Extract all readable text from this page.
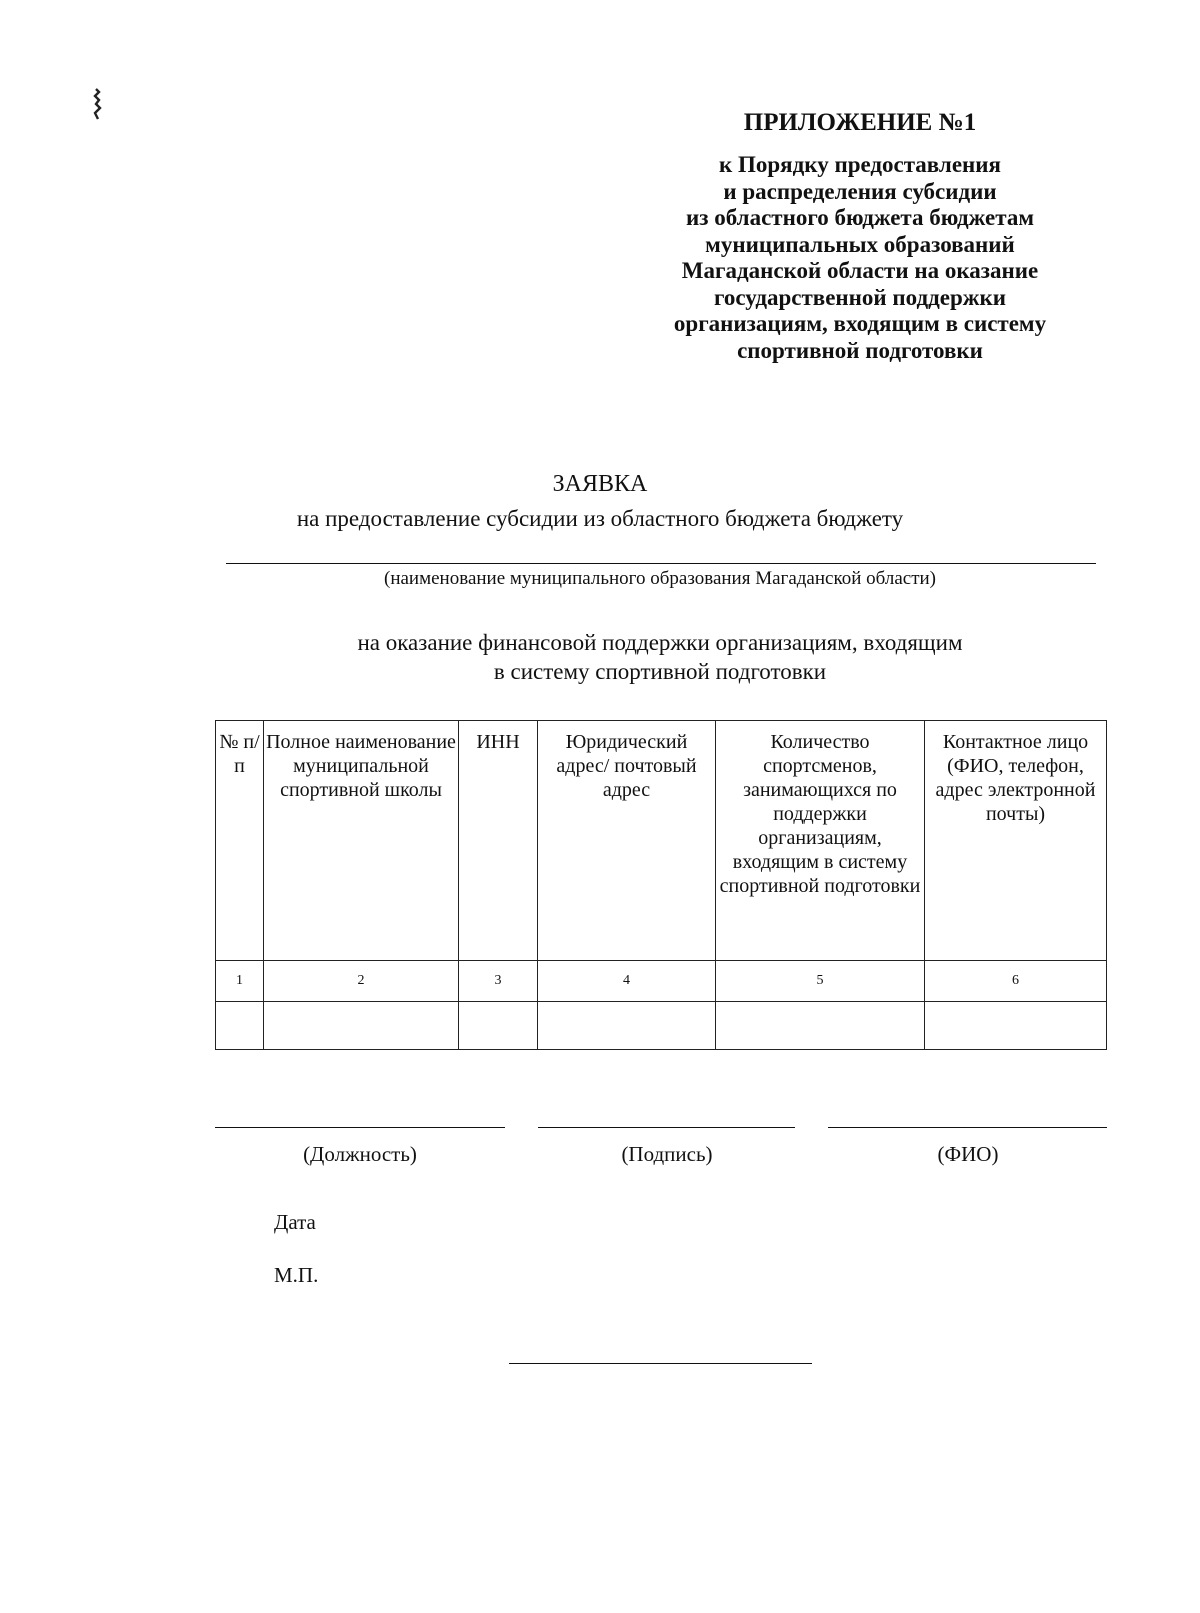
ПРИЛОЖЕНИЕ №1
к Порядку предоставления
и распределения субсидии
из областного бюджета бюджетам
муниципальных образований
Магаданской области на оказание
государственной поддержки
организациям, входящим в систему
спортивной подготовки
ЗАЯВКА
на предоставление субсидии из областного бюджета бюджету
(наименование муниципального образования Магаданской области)
на оказание финансовой поддержки организациям, входящим
в систему спортивной подготовки
№ п/п	Полное наименование муниципальной спортивной школы	ИНН	Юридический адрес/ почтовый адрес	Количество спортсменов, занимающихся по поддержки организациям, входящим в систему спортивной подготовки	Контактное лицо (ФИО, телефон, адрес электронной почты)
1	2	3	4	5	6

(Должность)	(Подпись)	(ФИО)
Дата
М.П.
